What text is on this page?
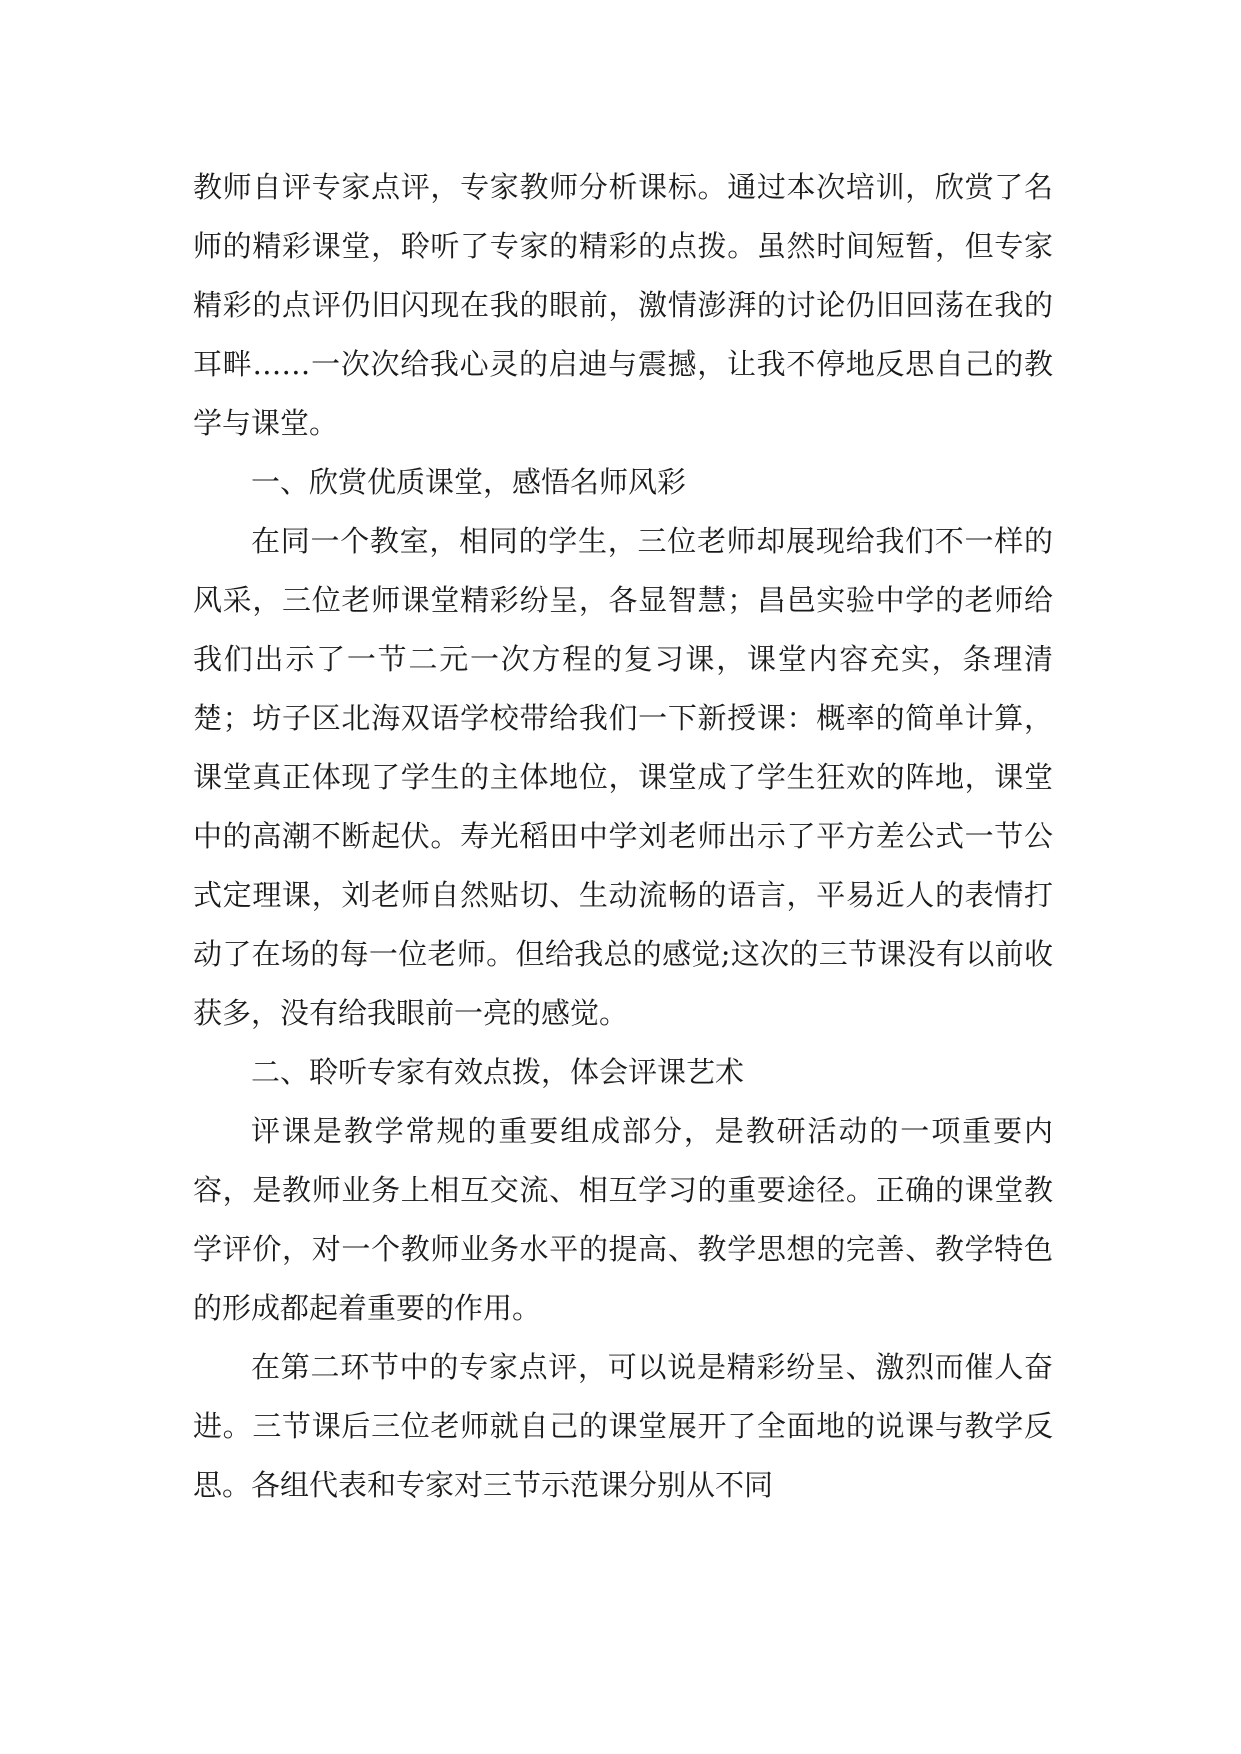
教师自评专家点评，专家教师分析课标。通过本次培训，欣赏了名师的精彩课堂，聆听了专家的精彩的点拨。虽然时间短暂，但专家精彩的点评仍旧闪现在我的眼前，激情澎湃的讨论仍旧回荡在我的耳畔……一次次给我心灵的启迪与震撼，让我不停地反思自己的教学与课堂。

一、欣赏优质课堂，感悟名师风彩

在同一个教室，相同的学生，三位老师却展现给我们不一样的风采，三位老师课堂精彩纷呈，各显智慧；昌邑实验中学的老师给我们出示了一节二元一次方程的复习课，课堂内容充实，条理清楚；坊子区北海双语学校带给我们一下新授课：概率的简单计算，课堂真正体现了学生的主体地位，课堂成了学生狂欢的阵地，课堂中的高潮不断起伏。寿光稻田中学刘老师出示了平方差公式一节公式定理课，刘老师自然贴切、生动流畅的语言，平易近人的表情打动了在场的每一位老师。但给我总的感觉;这次的三节课没有以前收获多，没有给我眼前一亮的感觉。

二、聆听专家有效点拨，体会评课艺术

评课是教学常规的重要组成部分，是教研活动的一项重要内容，是教师业务上相互交流、相互学习的重要途径。正确的课堂教学评价，对一个教师业务水平的提高、教学思想的完善、教学特色的形成都起着重要的作用。

在第二环节中的专家点评，可以说是精彩纷呈、激烈而催人奋进。三节课后三位老师就自己的课堂展开了全面地的说课与教学反思。各组代表和专家对三节示范课分别从不同
